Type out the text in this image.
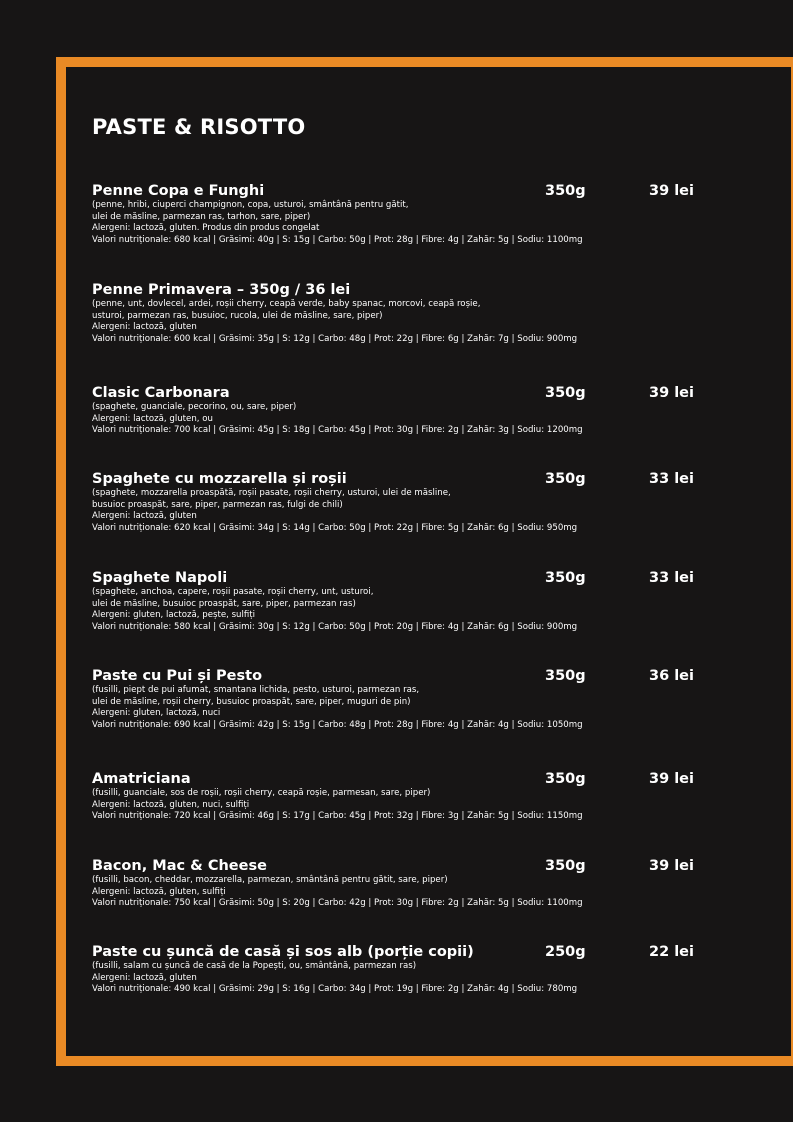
PASTE & RISOTTO
Penne Copa e Funghi	350g	39 lei
(penne, hribi, ciuperci champignon, copa, usturoi, smântână pentru gătit,
ulei de măsline, parmezan ras, tarhon, sare, piper)
Alergeni: lactoză, gluten. Produs din produs congelat
Valori nutriționale: 680 kcal | Grăsimi: 40g | S: 15g | Carbo: 50g | Prot: 28g | Fibre: 4g | Zahăr: 5g | Sodiu: 1100mg
Penne Primavera – 350g / 36 lei
(penne, unt, dovlecel, ardei, roșii cherry, ceapă verde, baby spanac, morcovi, ceapă roșie,
usturoi, parmezan ras, busuioc, rucola, ulei de măsline, sare, piper)
Alergeni: lactoză, gluten
Valori nutriționale: 600 kcal | Grăsimi: 35g | S: 12g | Carbo: 48g | Prot: 22g | Fibre: 6g | Zahăr: 7g | Sodiu: 900mg
Clasic Carbonara	350g	39 lei
(spaghete, guanciale, pecorino, ou, sare, piper)
Alergeni: lactoză, gluten, ou
Valori nutriționale: 700 kcal | Grăsimi: 45g | S: 18g | Carbo: 45g | Prot: 30g | Fibre: 2g | Zahăr: 3g | Sodiu: 1200mg
Spaghete cu mozzarella și roșii	350g	33 lei
(spaghete, mozzarella proaspătă, roșii pasate, roșii cherry, usturoi, ulei de măsline,
busuioc proaspăt, sare, piper, parmezan ras, fulgi de chili)
Alergeni: lactoză, gluten
Valori nutriționale: 620 kcal | Grăsimi: 34g | S: 14g | Carbo: 50g | Prot: 22g | Fibre: 5g | Zahăr: 6g | Sodiu: 950mg
Spaghete Napoli	350g	33 lei
(spaghete, anchoa, capere, roșii pasate, roșii cherry, unt, usturoi,
ulei de măsline, busuioc proaspăt, sare, piper, parmezan ras)
Alergeni: gluten, lactoză, pește, sulfiți
Valori nutriționale: 580 kcal | Grăsimi: 30g | S: 12g | Carbo: 50g | Prot: 20g | Fibre: 4g | Zahăr: 6g | Sodiu: 900mg
Paste cu Pui și Pesto	350g	36 lei
(fusilli, piept de pui afumat, smantana lichida, pesto, usturoi, parmezan ras,
ulei de măsline, roșii cherry, busuioc proaspăt, sare, piper, muguri de pin)
Alergeni: gluten, lactoză, nuci
Valori nutriționale: 690 kcal | Grăsimi: 42g | S: 15g | Carbo: 48g | Prot: 28g | Fibre: 4g | Zahăr: 4g | Sodiu: 1050mg
Amatriciana	350g	39 lei
(fusilli, guanciale, sos de roșii, roșii cherry, ceapă roșie, parmesan, sare, piper)
Alergeni: lactoză, gluten, nuci, sulfiți
Valori nutriționale: 720 kcal | Grăsimi: 46g | S: 17g | Carbo: 45g | Prot: 32g | Fibre: 3g | Zahăr: 5g | Sodiu: 1150mg
Bacon, Mac & Cheese	350g	39 lei
(fusilli, bacon, cheddar, mozzarella, parmezan, smântână pentru gătit, sare, piper)
Alergeni: lactoză, gluten, sulfiți
Valori nutriționale: 750 kcal | Grăsimi: 50g | S: 20g | Carbo: 42g | Prot: 30g | Fibre: 2g | Zahăr: 5g | Sodiu: 1100mg
Paste cu șuncă de casă și sos alb (porție copii)	250g	22 lei
(fusilli, salam cu șuncă de casă de la Popești, ou, smântână, parmezan ras)
Alergeni: lactoză, gluten
Valori nutriționale: 490 kcal | Grăsimi: 29g | S: 16g | Carbo: 34g | Prot: 19g | Fibre: 2g | Zahăr: 4g | Sodiu: 780mg
